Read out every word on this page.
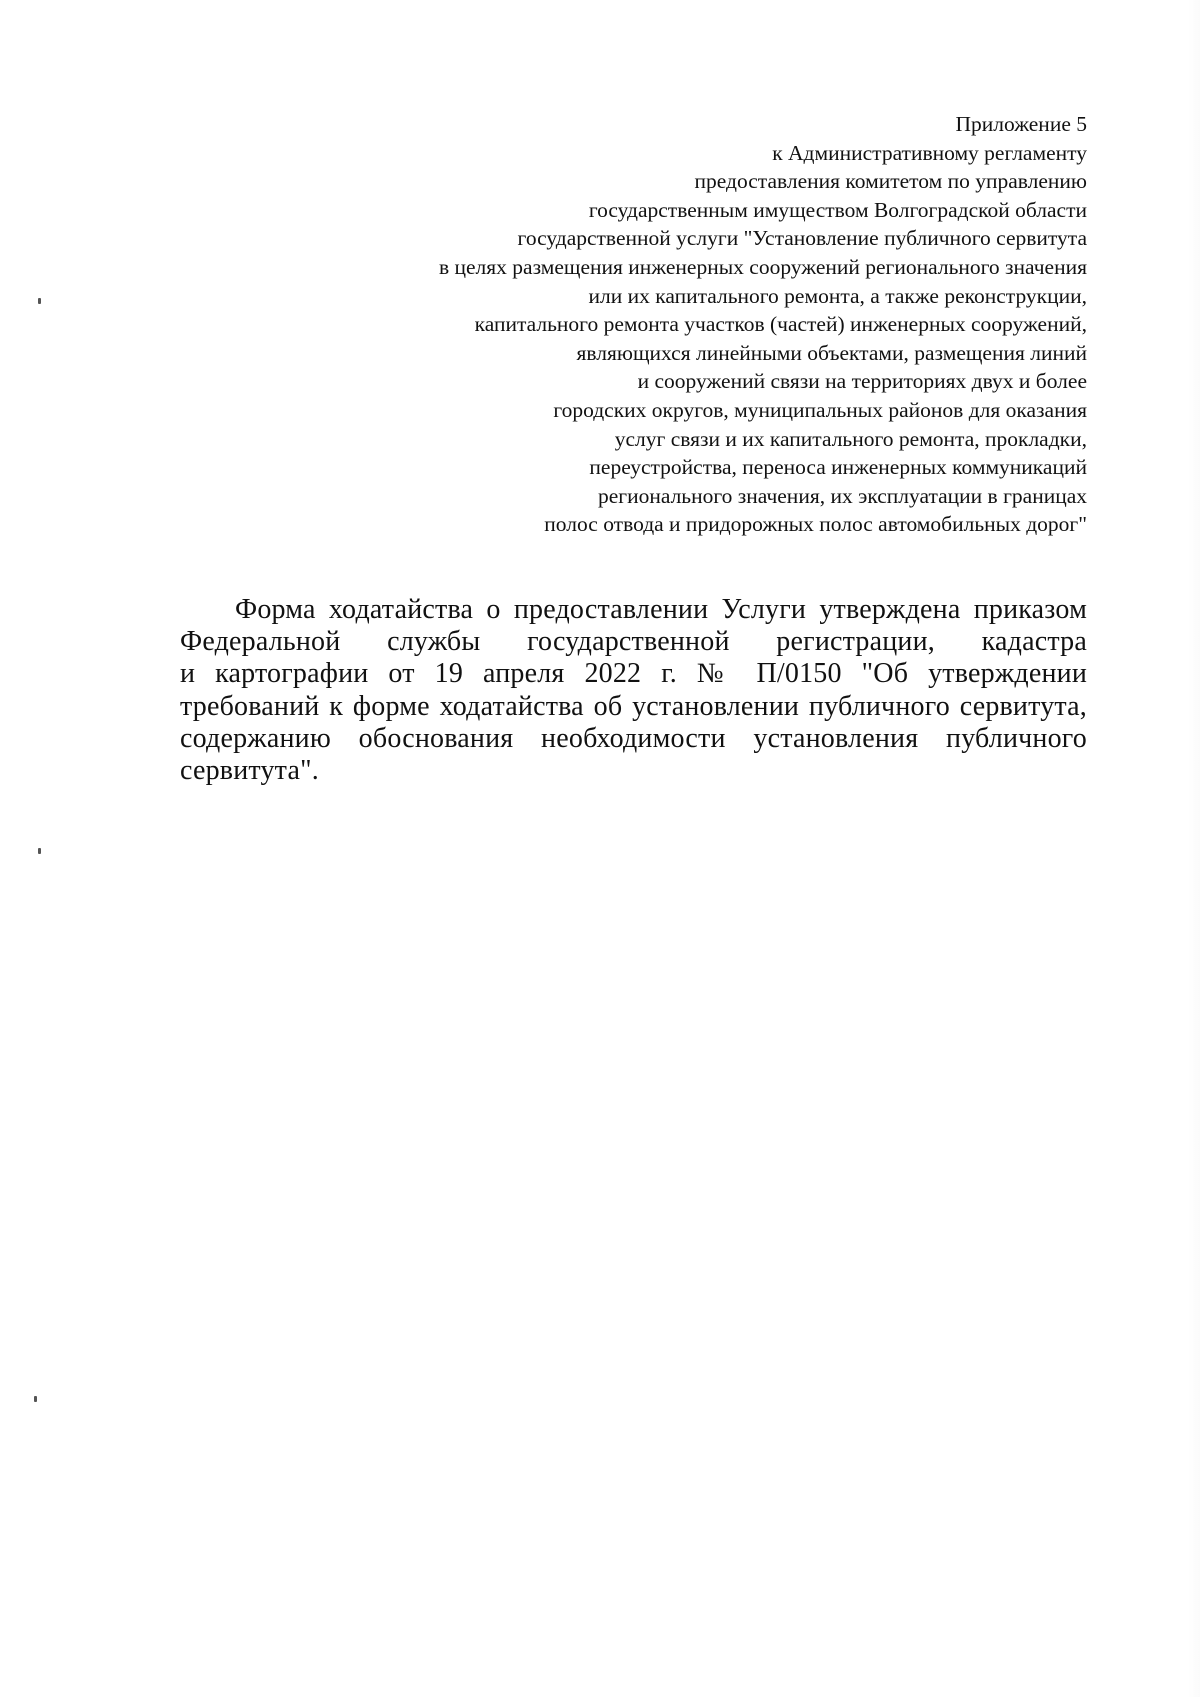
Приложение 5
к Административному регламенту
предоставления комитетом по управлению
государственным имуществом Волгоградской области
государственной услуги "Установление публичного сервитута
в целях размещения инженерных сооружений регионального значения
или их капитального ремонта, а также реконструкции,
капитального ремонта участков (частей) инженерных сооружений,
являющихся линейными объектами, размещения линий
и сооружений связи на территориях двух и более
городских округов, муниципальных районов для оказания
услуг связи и их капитального ремонта, прокладки,
переустройства, переноса инженерных коммуникаций
регионального значения, их эксплуатации в границах
полос отвода и придорожных полос автомобильных дорог"
Форма ходатайства о предоставлении Услуги утверждена приказом
Федеральной службы государственной регистрации, кадастра
и картографии от 19 апреля 2022 г. № П/0150 "Об утверждении
требований к форме ходатайства об установлении публичного сервитута,
содержанию обоснования необходимости установления публичного
сервитута".
